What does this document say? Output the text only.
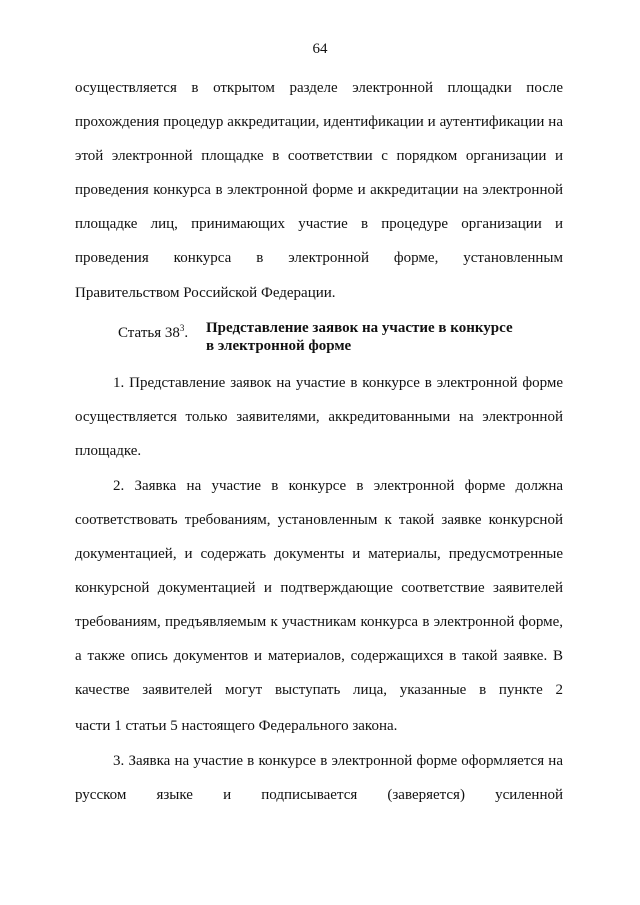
64

осуществляется в открытом разделе электронной площадки после прохождения процедур аккредитации, идентификации и аутентификации на этой электронной площадке в соответствии с порядком организации и проведения конкурса в электронной форме и аккредитации на электронной площадке лиц, принимающих участие в процедуре организации и проведения конкурса в электронной форме, установленным

Правительством Российской Федерации.

Статья $38^3$. Представление заявок на участие в конкурсе
в электронной форме

1. Представление заявок на участие в конкурсе в электронной форме осуществляется только заявителями, аккредитованными на электронной

площадке.

2. Заявка на участие в конкурсе в электронной форме должна соответствовать требованиям, установленным к такой заявке конкурсной документацией, и содержать документы и материалы, предусмотренные конкурсной документацией и подтверждающие соответствие заявителей требованиям, предъявляемым к участникам конкурса в электронной форме, а также опись документов и материалов, содержащихся в такой заявке. В качестве заявителей могут выступать лица, указанные в пункте 2

части 1 статьи 5 настоящего Федерального закона.

3. Заявка на участие в конкурсе в электронной форме оформляется на русском языке и подписывается (заверяется) усиленной
